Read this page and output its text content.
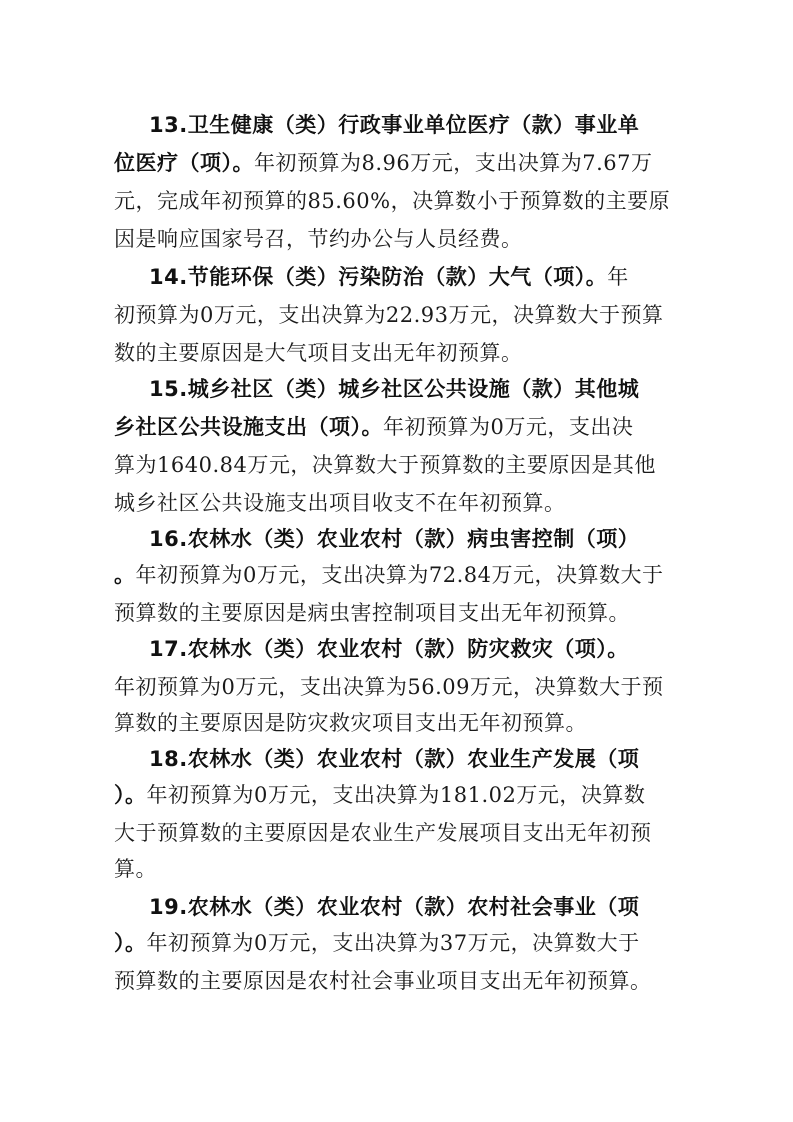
13.卫生健康（类）行政事业单位医疗（款）事业单
位医疗（项）。年初预算为8.96万元，支出决算为7.67万
元，完成年初预算的85.60%，决算数小于预算数的主要原
因是响应国家号召，节约办公与人员经费。
14.节能环保（类）污染防治（款）大气（项）。年
初预算为0万元，支出决算为22.93万元，决算数大于预算
数的主要原因是大气项目支出无年初预算。
15.城乡社区（类）城乡社区公共设施（款）其他城
乡社区公共设施支出（项）。年初预算为0万元，支出决
算为1640.84万元，决算数大于预算数的主要原因是其他
城乡社区公共设施支出项目收支不在年初预算。
16.农林水（类）农业农村（款）病虫害控制（项）
。年初预算为0万元，支出决算为72.84万元，决算数大于
预算数的主要原因是病虫害控制项目支出无年初预算。
17.农林水（类）农业农村（款）防灾救灾（项）。
年初预算为0万元，支出决算为56.09万元，决算数大于预
算数的主要原因是防灾救灾项目支出无年初预算。
18.农林水（类）农业农村（款）农业生产发展（项
）。年初预算为0万元，支出决算为181.02万元，决算数
大于预算数的主要原因是农业生产发展项目支出无年初预
算。
19.农林水（类）农业农村（款）农村社会事业（项
）。年初预算为0万元，支出决算为37万元，决算数大于
预算数的主要原因是农村社会事业项目支出无年初预算。
